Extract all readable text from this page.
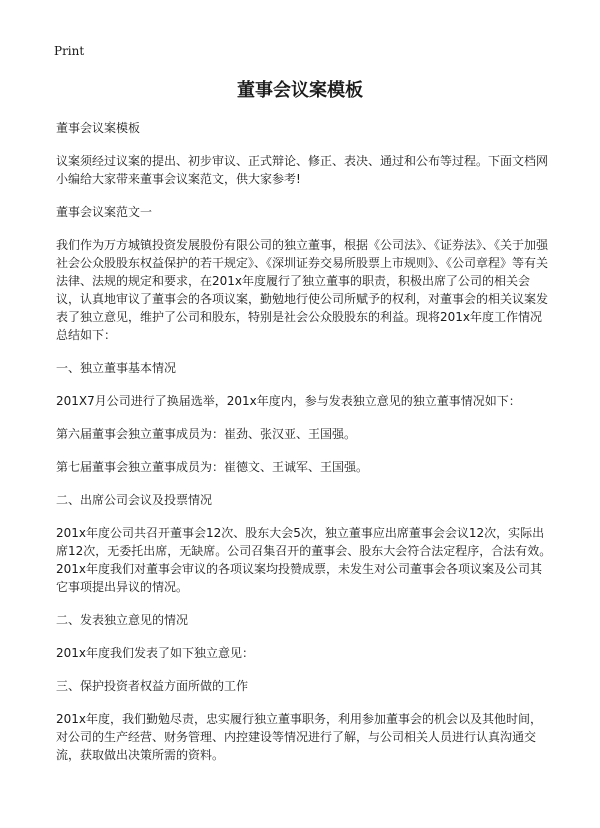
Print
董事会议案模板

董事会议案模板

议案须经过议案的提出、初步审议、正式辩论、修正、表决、通过和公布等过程。下面文档网小编给大家带来董事会议案范文，供大家参考!

董事会议案范文一

我们作为万方城镇投资发展股份有限公司的独立董事，根据《公司法》、《证券法》、《关于加强社会公众股股东权益保护的若干规定》、《深圳证券交易所股票上市规则》、《公司章程》等有关法律、法规的规定和要求，在201x年度履行了独立董事的职责，积极出席了公司的相关会议，认真地审议了董事会的各项议案，勤勉地行使公司所赋予的权利，对董事会的相关议案发表了独立意见，维护了公司和股东，特别是社会公众股股东的利益。现将201x年度工作情况总结如下：

一、独立董事基本情况

201X7月公司进行了换届选举，201x年度内，参与发表独立意见的独立董事情况如下：

第六届董事会独立董事成员为：崔劲、张汉亚、王国强。

第七届董事会独立董事成员为：崔德文、王诚军、王国强。

二、出席公司会议及投票情况

201x年度公司共召开董事会12次、股东大会5次，独立董事应出席董事会会议12次，实际出席12次，无委托出席，无缺席。公司召集召开的董事会、股东大会符合法定程序，合法有效。201x年度我们对董事会审议的各项议案均投赞成票，未发生对公司董事会各项议案及公司其它事项提出异议的情况。

二、发表独立意见的情况

201x年度我们发表了如下独立意见：

三、保护投资者权益方面所做的工作

201x年度，我们勤勉尽责，忠实履行独立董事职务，利用参加董事会的机会以及其他时间，对公司的生产经营、财务管理、内控建设等情况进行了解，与公司相关人员进行认真沟通交流，获取做出决策所需的资料。
